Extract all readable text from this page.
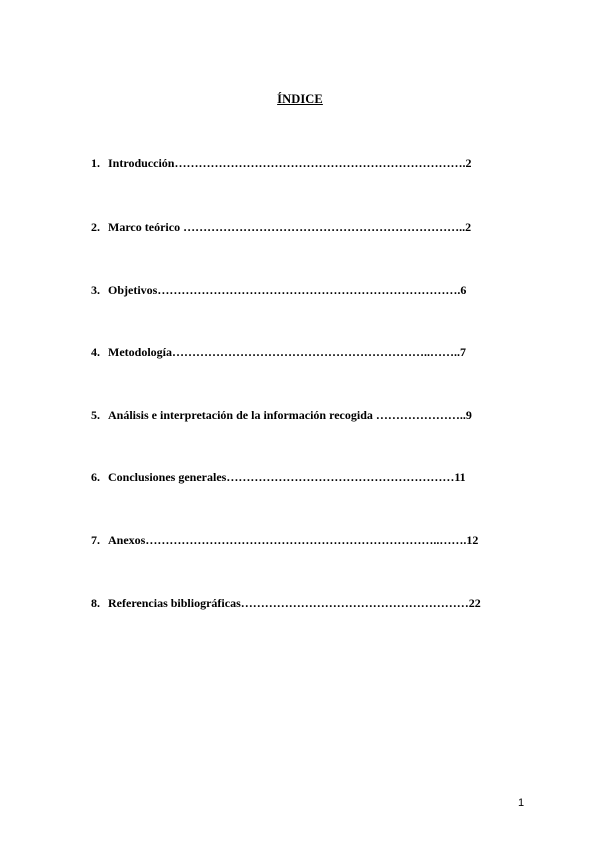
ÍNDICE
1. Introducción……………………………………………………………….2
2. Marco teórico ……………………………………………………………..2
3. Objetivos………………………………………………………………….6
4. Metodología………………………………………………………..……..7
5. Análisis e interpretación de la información recogida …………………..9
6. Conclusiones generales…………………………………………………11
7. Anexos………………………………………………………………..…….12
8. Referencias bibliográficas…………………………………………………22
1
